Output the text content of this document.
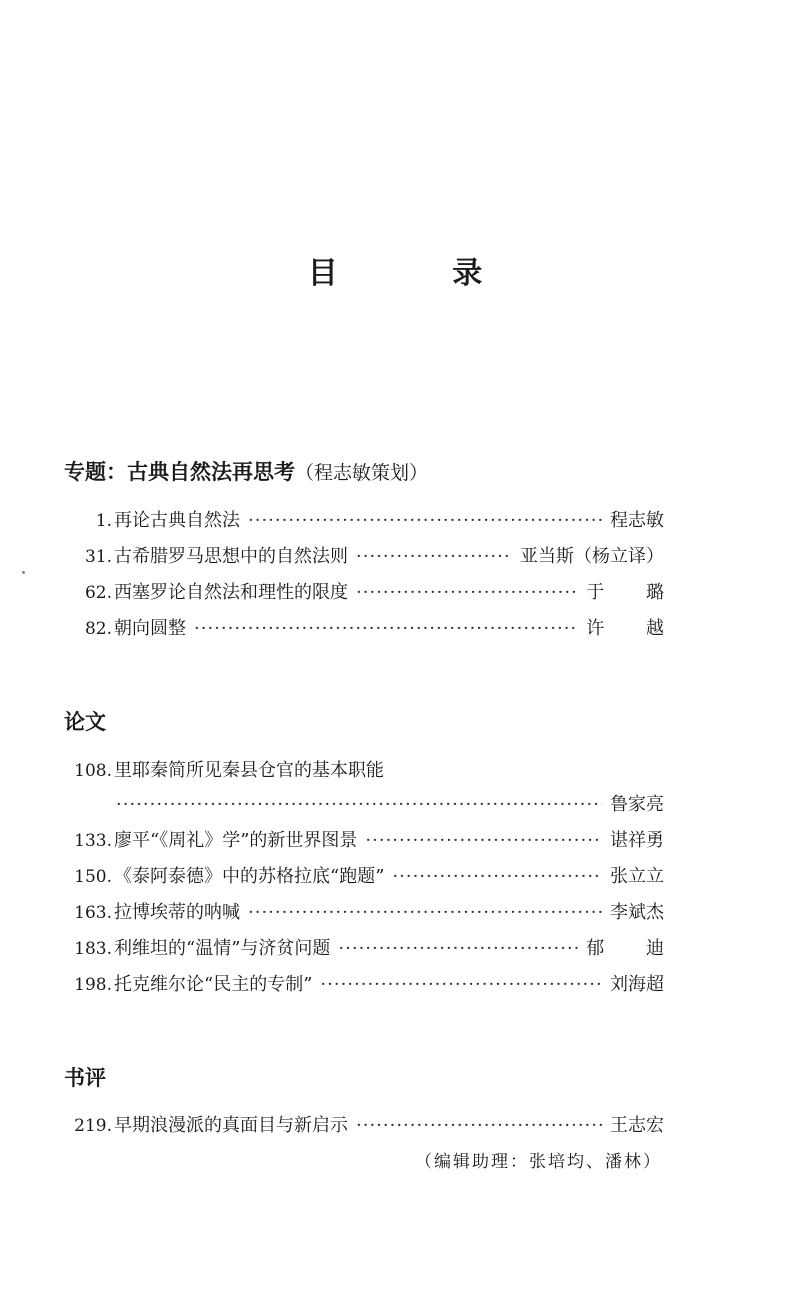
目 录
专题：古典自然法再思考（程志敏策划）
1. 再论古典自然法 ·····	程志敏
31. 古希腊罗马思想中的自然法则 ·····	亚当斯（杨立译）
62. 西塞罗论自然法和理性的限度 ·····	于 璐
82. 朝向圆整 ·····	许 越
论文
108. 里耶秦简所见秦县仓官的基本职能
·····
鲁家亮
133. 廖平“《周礼》学”的新世界图景 ·····	谌祥勇
150. 《泰阿泰德》中的苏格拉底“跑题” ·····	张立立
163. 拉博埃蒂的呐喊 ·····	李斌杰
183. 利维坦的“温情”与济贫问题 ·····	郁 迪
198. 托克维尔论“民主的专制” ·····	刘海超
书评
219. 早期浪漫派的真面目与新启示 ·····	王志宏
（编辑助理：张培均、潘林）
